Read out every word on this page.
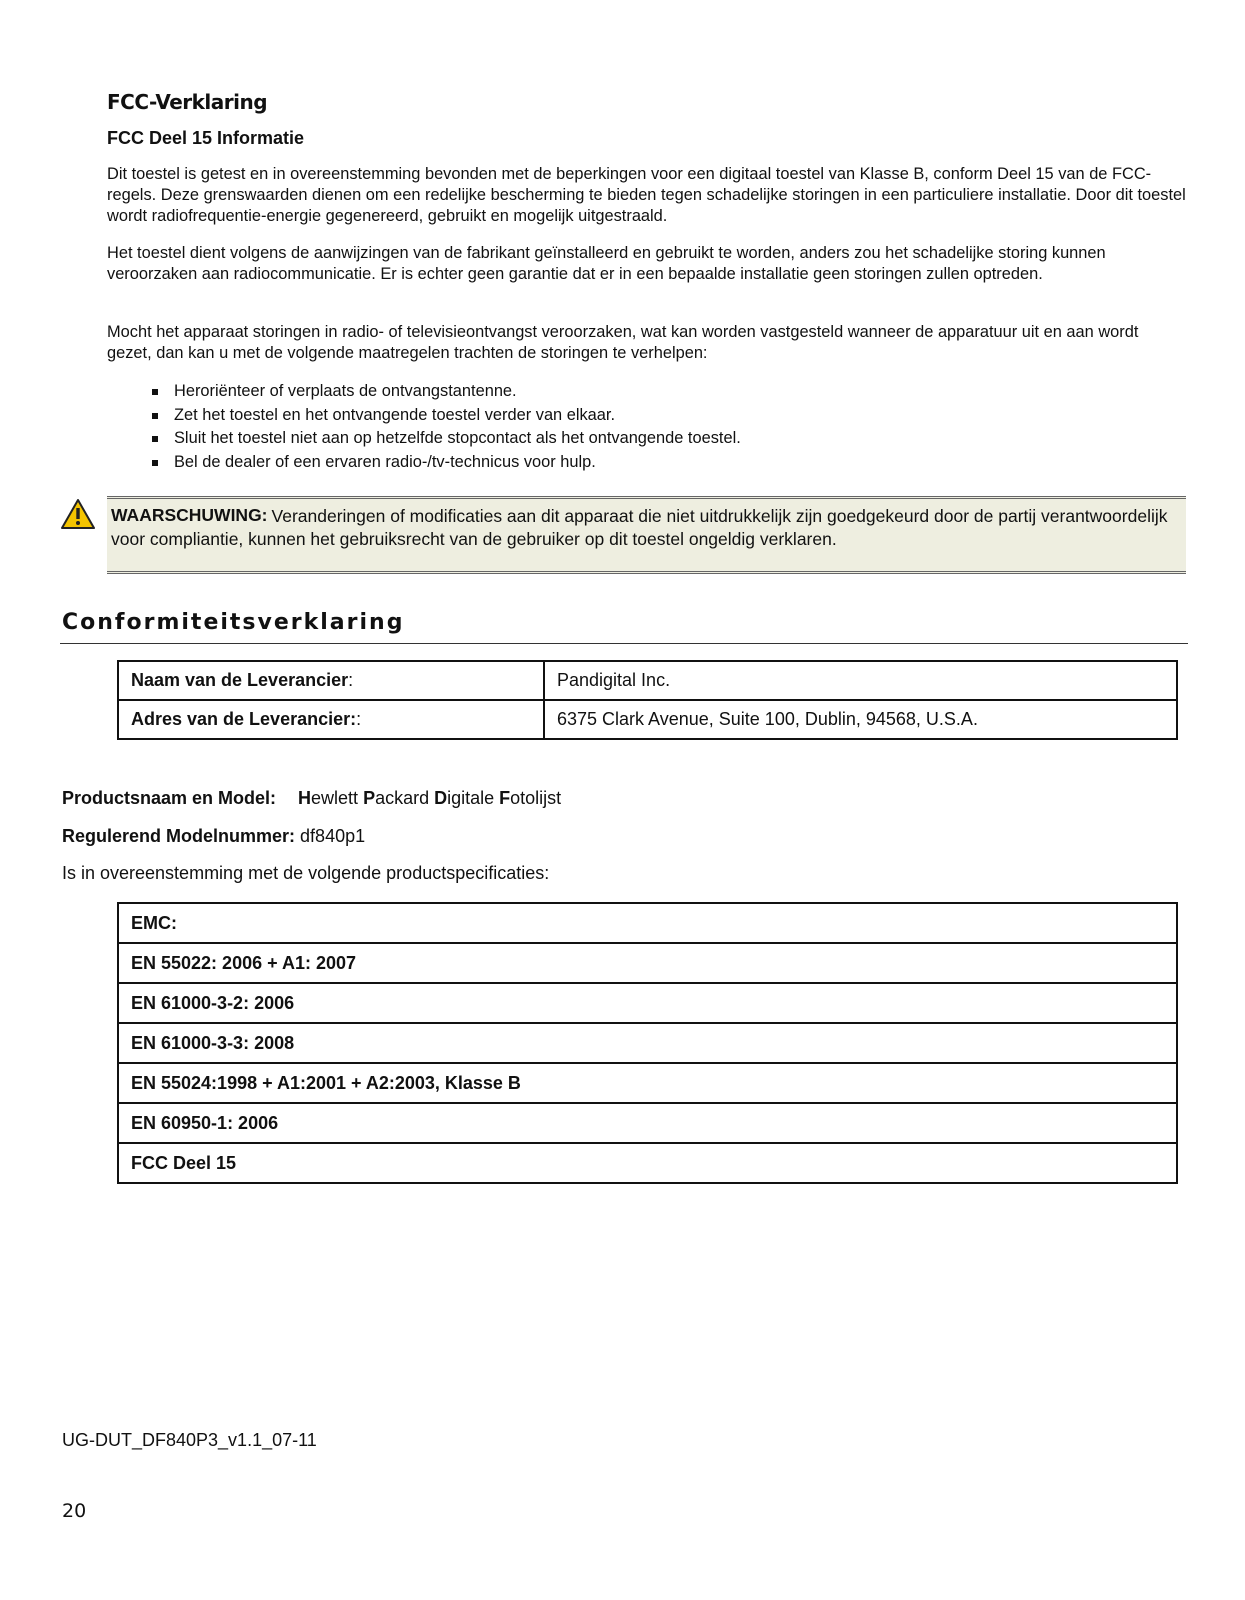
FCC-Verklaring
FCC Deel 15 Informatie

Dit toestel is getest en in overeenstemming bevonden met de beperkingen voor een digitaal toestel van Klasse B, conform Deel 15 van de FCC-regels. Deze grenswaarden dienen om een redelijke bescherming te bieden tegen schadelijke storingen in een particuliere installatie. Door dit toestel wordt radiofrequentie-energie gegenereerd, gebruikt en mogelijk uitgestraald.

Het toestel dient volgens de aanwijzingen van de fabrikant geïnstalleerd en gebruikt te worden, anders zou het schadelijke storing kunnen veroorzaken aan radiocommunicatie. Er is echter geen garantie dat er in een bepaalde installatie geen storingen zullen optreden.

Mocht het apparaat storingen in radio- of televisieontvangst veroorzaken, wat kan worden vastgesteld wanneer de apparatuur uit en aan wordt gezet, dan kan u met de volgende maatregelen trachten de storingen te verhelpen:

Heroriënteer of verplaats de ontvangstantenne.
Zet het toestel en het ontvangende toestel verder van elkaar.
Sluit het toestel niet aan op hetzelfde stopcontact als het ontvangende toestel.
Bel de dealer of een ervaren radio-/tv-technicus voor hulp.
WAARSCHUWING: Veranderingen of modificaties aan dit apparaat die niet uitdrukkelijk zijn goedgekeurd door de partij verantwoordelijk voor compliantie, kunnen het gebruiksrecht van de gebruiker op dit toestel ongeldig verklaren.
Conformiteitsverklaring
Naam van de Leverancier:	Pandigital Inc.
Adres van de Leverancier::	6375 Clark Avenue, Suite 100, Dublin, 94568, U.S.A.
Productsnaam en Model: Hewlett Packard Digitale Fotolijst
Regulerend Modelnummer: df840p1
Is in overeenstemming met de volgende productspecificaties:
EMC:
EN 55022: 2006 + A1: 2007
EN 61000-3-2: 2006
EN 61000-3-3: 2008
EN 55024:1998 + A1:2001 + A2:2003, Klasse B
EN 60950-1: 2006
FCC Deel 15
UG-DUT_DF840P3_v1.1_07-11
20
